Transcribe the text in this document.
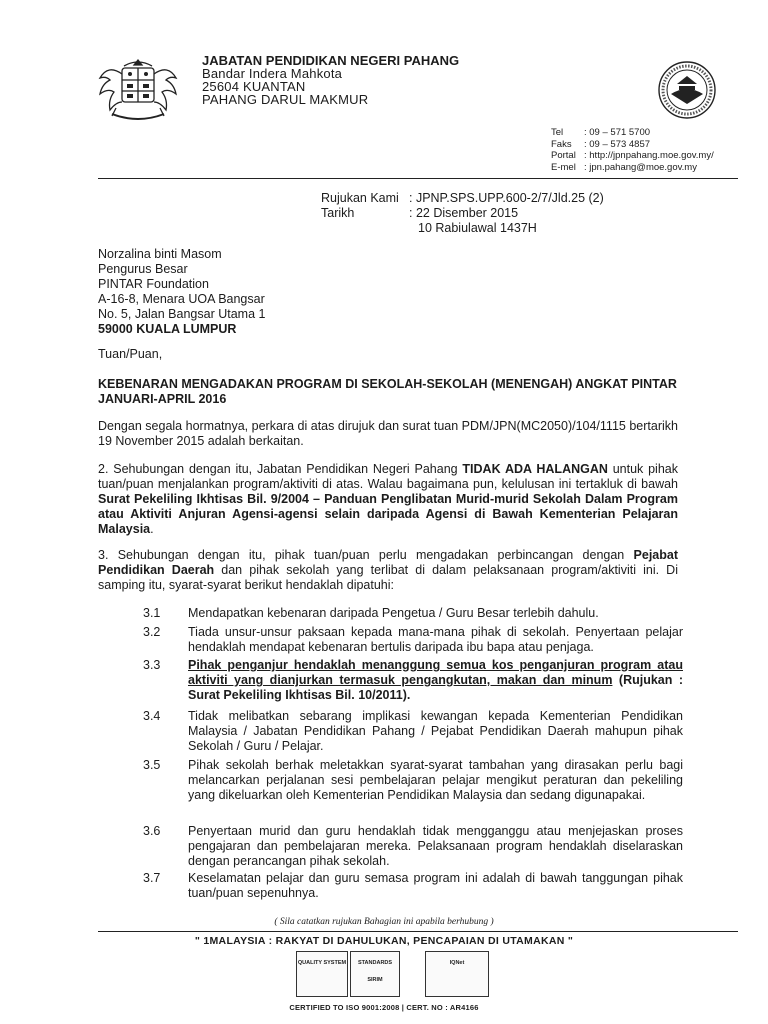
JABATAN PENDIDIKAN NEGERI PAHANG
Bandar Indera Mahkota
25604 KUANTAN
PAHANG DARUL MAKMUR
Tel : 09 – 571 5700
Faks : 09 – 573 4857
Portal : http://jpnpahang.moe.gov.my/
E-mel : jpn.pahang@moe.gov.my
Rujukan Kami : JPNP.SPS.UPP.600-2/7/Jld.25 (2)
Tarikh	: 22 Disember 2015
10 Rabiulawal 1437H
Norzalina binti Masom
Pengurus Besar
PINTAR Foundation
A-16-8, Menara UOA Bangsar
No. 5, Jalan Bangsar Utama 1
59000 KUALA LUMPUR
Tuan/Puan,
KEBENARAN MENGADAKAN PROGRAM DI SEKOLAH-SEKOLAH (MENENGAH) ANGKAT PINTAR JANUARI-APRIL 2016
Dengan segala hormatnya, perkara di atas dirujuk dan surat tuan PDM/JPN(MC2050)/104/1115 bertarikh 19 November 2015 adalah berkaitan.
2. Sehubungan dengan itu, Jabatan Pendidikan Negeri Pahang TIDAK ADA HALANGAN untuk pihak tuan/puan menjalankan program/aktiviti di atas. Walau bagaimana pun, kelulusan ini tertakluk di bawah Surat Pekeliling Ikhtisas Bil. 9/2004 – Panduan Penglibatan Murid-murid Sekolah Dalam Program atau Aktiviti Anjuran Agensi-agensi selain daripada Agensi di Bawah Kementerian Pelajaran Malaysia.
3. Sehubungan dengan itu, pihak tuan/puan perlu mengadakan perbincangan dengan Pejabat Pendidikan Daerah dan pihak sekolah yang terlibat di dalam pelaksanaan program/aktiviti ini. Di samping itu, syarat-syarat berikut hendaklah dipatuhi:
3.1	Mendapatkan kebenaran daripada Pengetua / Guru Besar terlebih dahulu.
3.2	Tiada unsur-unsur paksaan kepada mana-mana pihak di sekolah. Penyertaan pelajar hendaklah mendapat kebenaran bertulis daripada ibu bapa atau penjaga.
3.3	Pihak penganjur hendaklah menanggung semua kos penganjuran program atau aktiviti yang dianjurkan termasuk pengangkutan, makan dan minum (Rujukan : Surat Pekeliling Ikhtisas Bil. 10/2011).
3.4	Tidak melibatkan sebarang implikasi kewangan kepada Kementerian Pendidikan Malaysia / Jabatan Pendidikan Pahang / Pejabat Pendidikan Daerah mahupun pihak Sekolah / Guru / Pelajar.
3.5	Pihak sekolah berhak meletakkan syarat-syarat tambahan yang dirasakan perlu bagi melancarkan perjalanan sesi pembelajaran pelajar mengikut peraturan dan pekeliling yang dikeluarkan oleh Kementerian Pendidikan Malaysia dan sedang digunapakai.
3.6	Penyertaan murid dan guru hendaklah tidak mengganggu atau menjejaskan proses pengajaran dan pembelajaran mereka. Pelaksanaan program hendaklah diselaraskan dengan perancangan pihak sekolah.
3.7	Keselamatan pelajar dan guru semasa program ini adalah di bawah tanggungan pihak tuan/puan sepenuhnya.
( Sila catatkan rujukan Bahagian ini apabila berhubung )
" 1MALAYSIA : RAKYAT DI DAHULUKAN, PENCAPAIAN DI UTAMAKAN "
QUALITY SYSTEM	STANDARDS
SIRIM
IQNet
CERTIFIED TO ISO 9001:2008 | CERT. NO : AR4166
